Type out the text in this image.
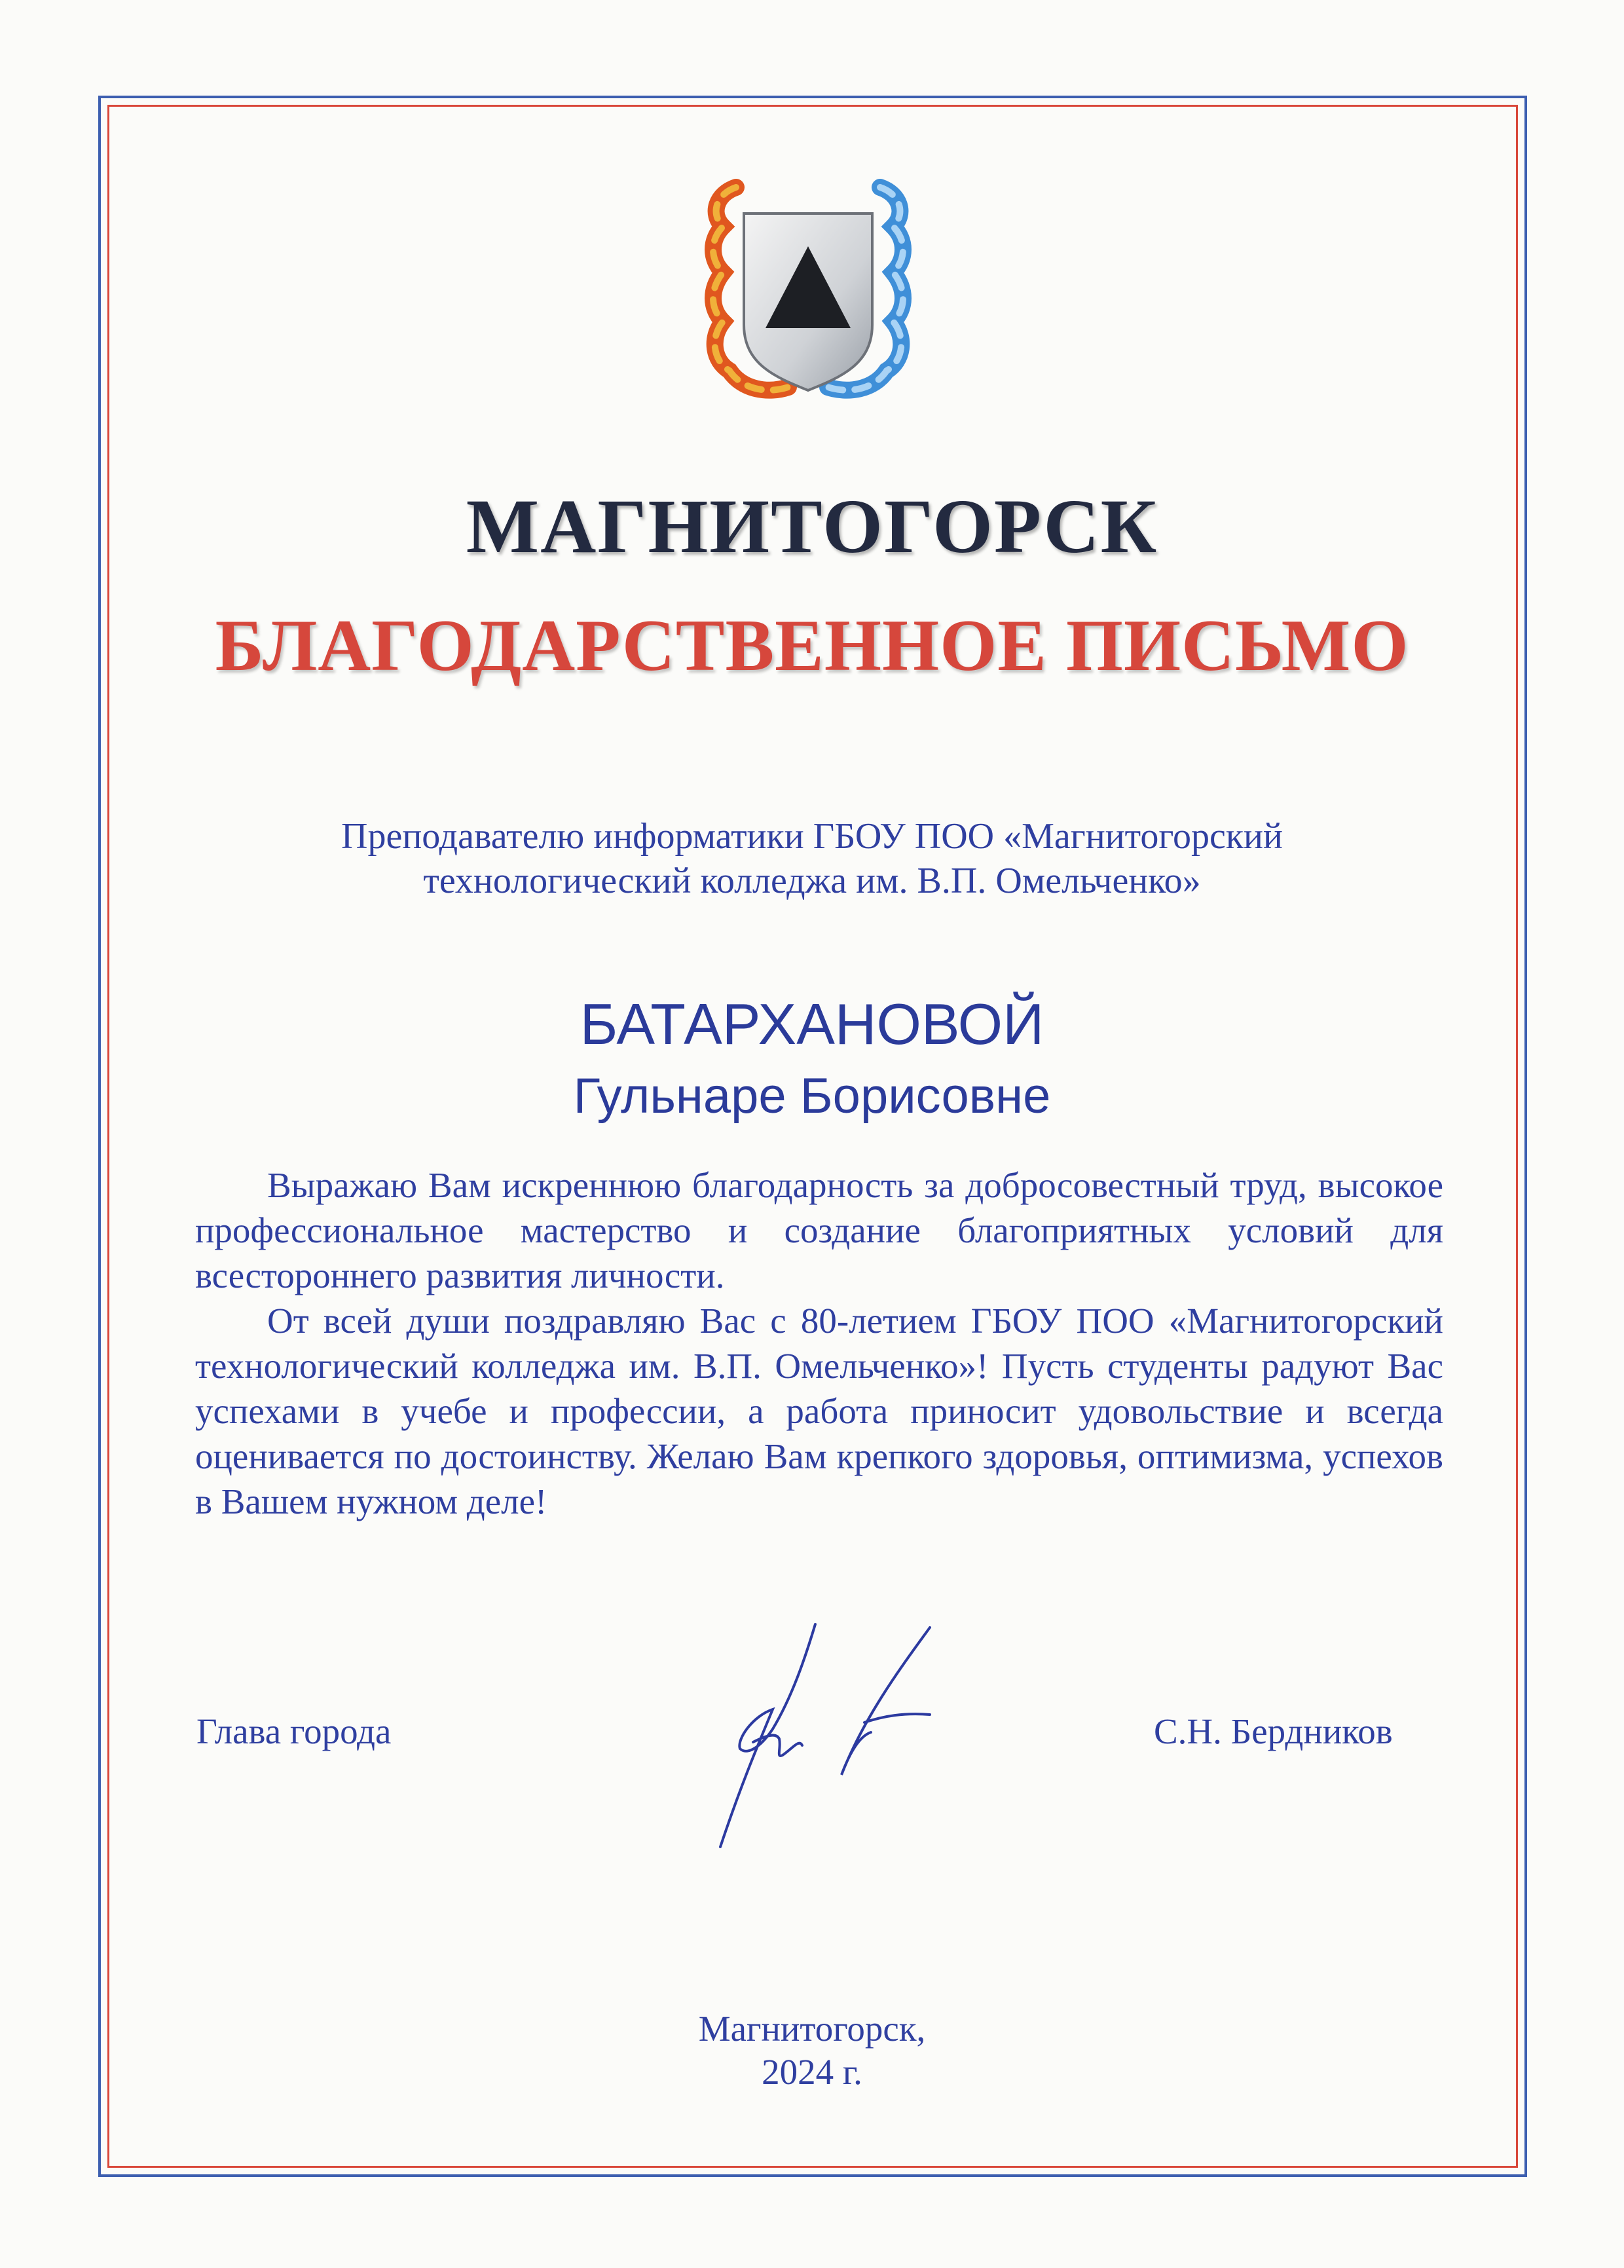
МАГНИТОГОРСК
БЛАГОДАРСТВЕННОЕ ПИСЬМО
Преподавателю информатики ГБОУ ПОО «Магнитогорский
технологический колледжа им. В.П. Омельченко»
БАТАРХАНОВОЙ
Гульнаре Борисовне

Выражаю Вам искреннюю благодарность за добросовестный труд, высокое профессиональное мастерство и создание благоприятных условий для всестороннего развития личности.

От всей души поздравляю Вас с 80-летием ГБОУ ПОО «Магнитогорский технологический колледжа им. В.П. Омельченко»! Пусть студенты радуют Вас успехами в учебе и профессии, а работа приносит удовольствие и всегда оценивается по достоинству. Желаю Вам крепкого здоровья, оптимизма, успехов в Вашем нужном деле!

Глава города	С.Н. Бердников
Магнитогорск,
2024 г.
